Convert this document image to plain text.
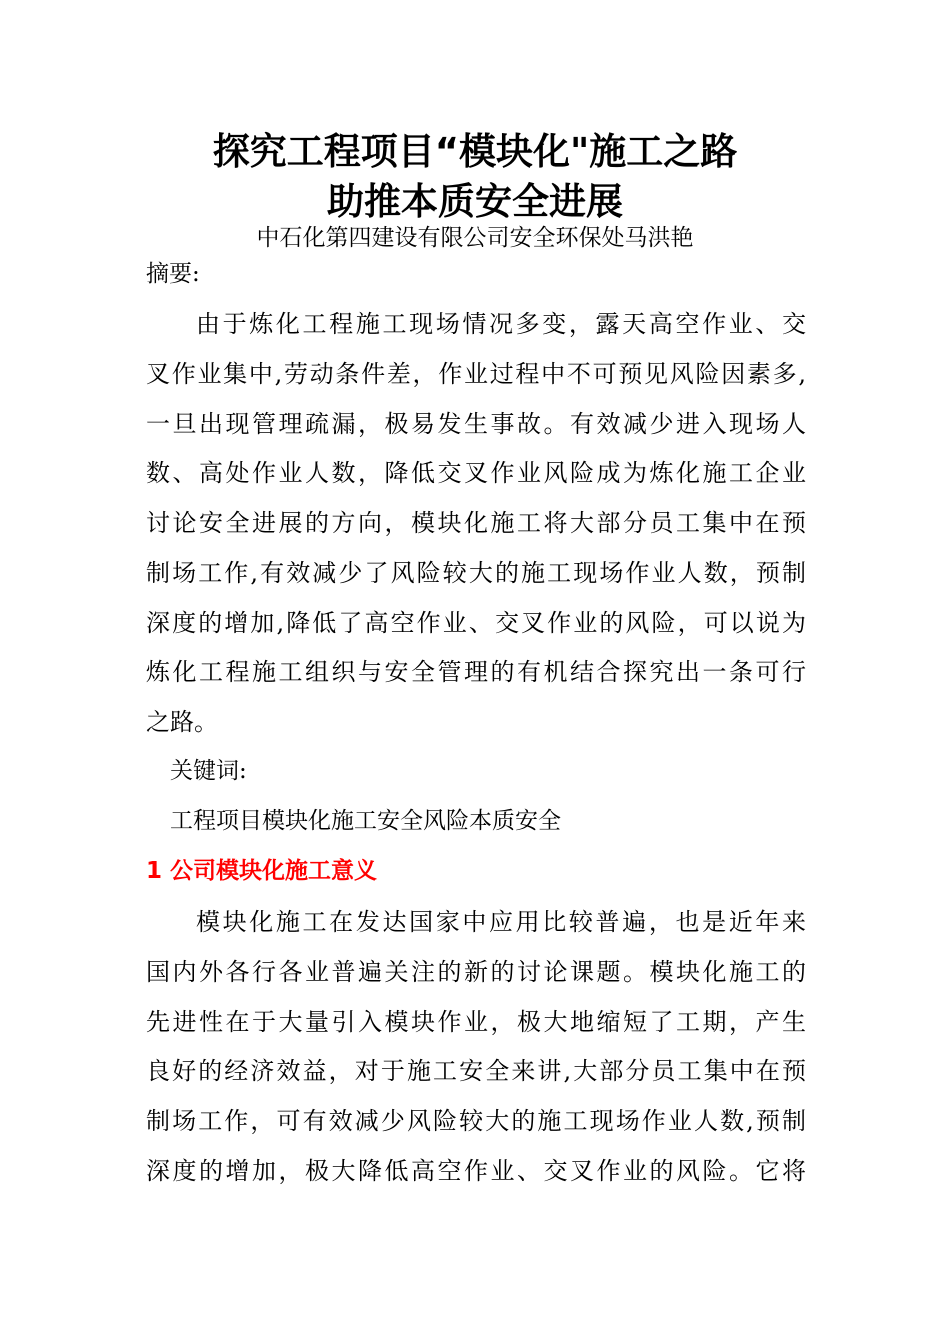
探究工程项目“模块化"施工之路
助推本质安全进展
中石化第四建设有限公司安全环保处马洪艳
摘要:
由于炼化工程施工现场情况多变，露天高空作业、交
叉作业集中,劳动条件差，作业过程中不可预见风险因素多,
一旦出现管理疏漏，极易发生事故。有效减少进入现场人
数、高处作业人数，降低交叉作业风险成为炼化施工企业
讨论安全进展的方向，模块化施工将大部分员工集中在预
制场工作,有效减少了风险较大的施工现场作业人数，预制
深度的增加,降低了高空作业、交叉作业的风险，可以说为
炼化工程施工组织与安全管理的有机结合探究出一条可行
之路。
关键词:
工程项目模块化施工安全风险本质安全
1 公司模块化施工意义
模块化施工在发达国家中应用比较普遍，也是近年来
国内外各行各业普遍关注的新的讨论课题。模块化施工的
先进性在于大量引入模块作业，极大地缩短了工期，产生
良好的经济效益，对于施工安全来讲,大部分员工集中在预
制场工作，可有效减少风险较大的施工现场作业人数,预制
深度的增加，极大降低高空作业、交叉作业的风险。它将
